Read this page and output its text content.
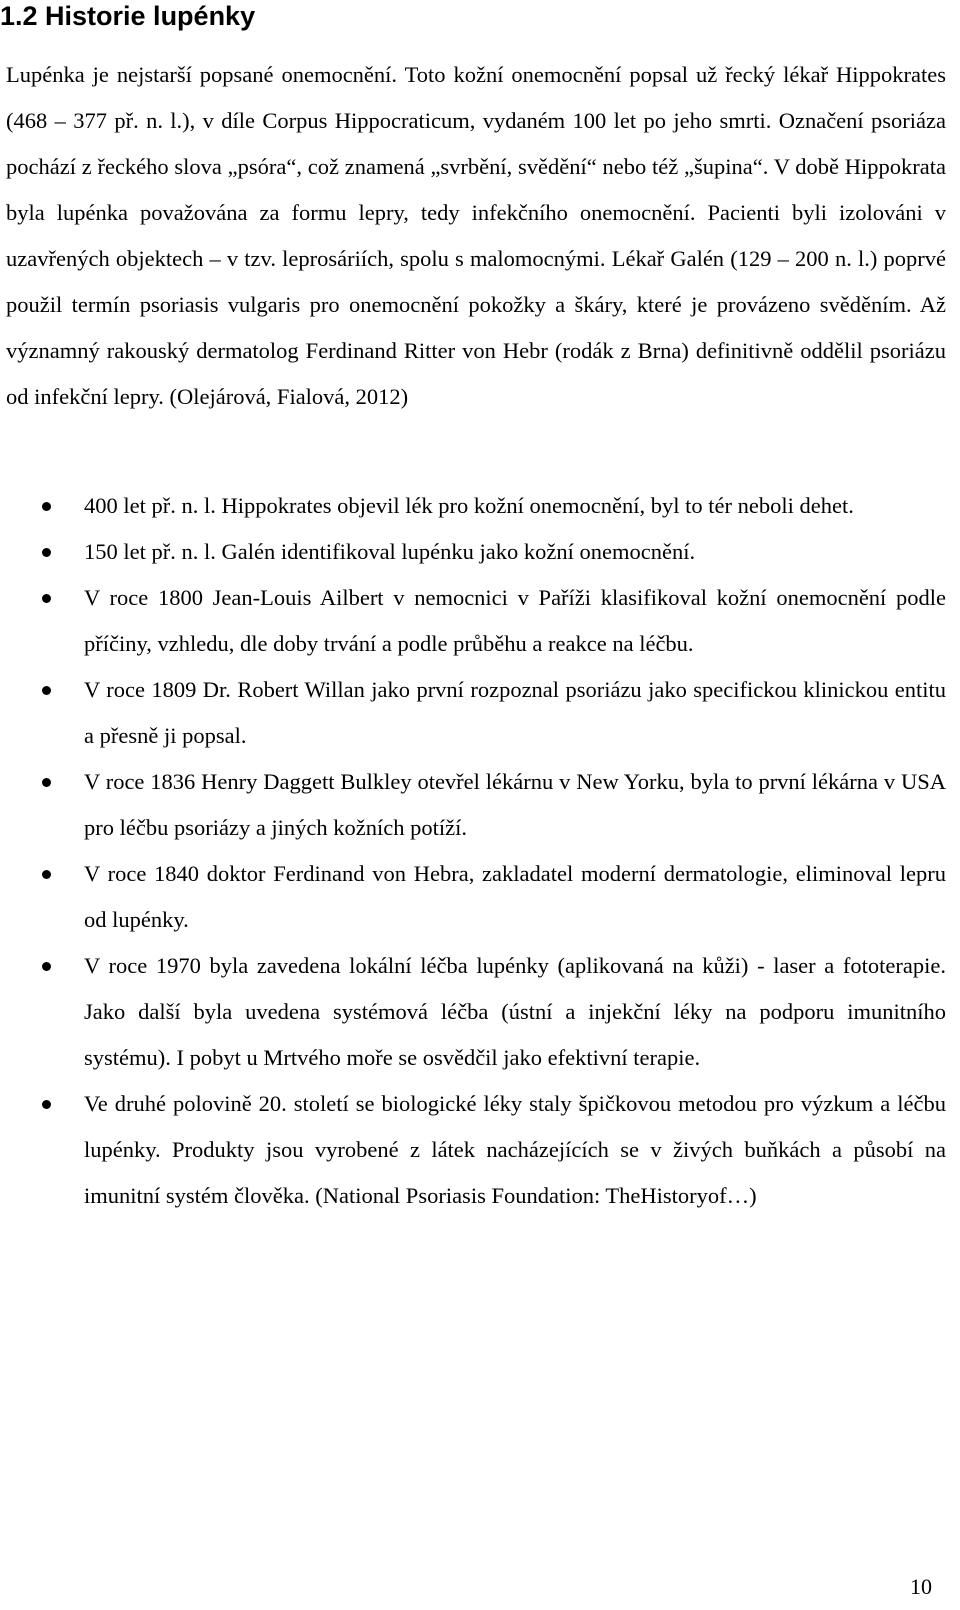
1.2 Historie lupénky

Lupénka je nejstarší popsané onemocnění. Toto kožní onemocnění popsal už řecký lékař Hippokrates (468 – 377 př. n. l.), v díle Corpus Hippocraticum, vydaném 100 let po jeho smrti. Označení psoriáza pochází z řeckého slova „psóra“, což znamená „svrbění, svědění“ nebo též „šupina“. V době Hippokrata byla lupénka považována za formu lepry, tedy infekčního onemocnění. Pacienti byli izolováni v uzavřených objektech – v tzv. leprosáriích, spolu s malomocnými. Lékař Galén (129 – 200 n. l.) poprvé použil termín psoriasis vulgaris pro onemocnění pokožky a škáry, které je provázeno svěděním. Až významný rakouský dermatolog Ferdinand Ritter von Hebr (rodák z Brna) definitivně oddělil psoriázu od infekční lepry. (Olejárová, Fialová, 2012)

400 let př. n. l. Hippokrates objevil lék pro kožní onemocnění, byl to tér neboli dehet.
150 let př. n. l. Galén identifikoval lupénku jako kožní onemocnění.
V roce 1800 Jean-Louis Ailbert v nemocnici v Paříži klasifikoval kožní onemocnění podle příčiny, vzhledu, dle doby trvání a podle průběhu a reakce na léčbu.
V roce 1809 Dr. Robert Willan jako první rozpoznal psoriázu jako specifickou klinickou entitu a přesně ji popsal.
V roce 1836 Henry Daggett Bulkley otevřel lékárnu v New Yorku, byla to první lékárna v USA pro léčbu psoriázy a jiných kožních potíží.
V roce 1840 doktor Ferdinand von Hebra, zakladatel moderní dermatologie, eliminoval lepru od lupénky.
V roce 1970 byla zavedena lokální léčba lupénky (aplikovaná na kůži) - laser a fototerapie. Jako další byla uvedena systémová léčba (ústní a injekční léky na podporu imunitního systému). I pobyt u Mrtvého moře se osvědčil jako efektivní terapie.
Ve druhé polovině 20. století se biologické léky staly špičkovou metodou pro výzkum a léčbu lupénky. Produkty jsou vyrobené z látek nacházejících se v živých buňkách a působí na imunitní systém člověka. (National Psoriasis Foundation: TheHistoryof…)
10
